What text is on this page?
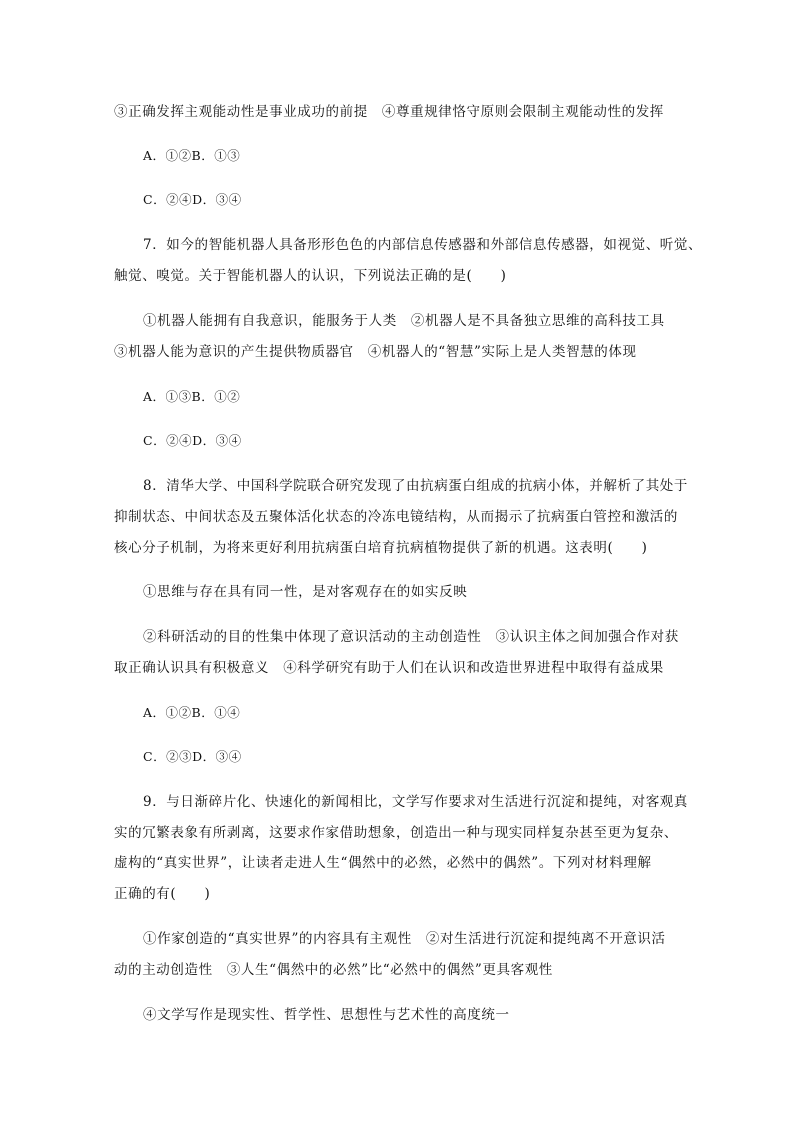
③正确发挥主观能动性是事业成功的前提　④尊重规律恪守原则会限制主观能动性的发挥
A．①②B．①③
C．②④D．③④
7．如今的智能机器人具备形形色色的内部信息传感器和外部信息传感器，如视觉、听觉、
触觉、嗅觉。关于智能机器人的认识，下列说法正确的是(　　)
①机器人能拥有自我意识，能服务于人类　②机器人是不具备独立思维的高科技工具
③机器人能为意识的产生提供物质器官　④机器人的“智慧”实际上是人类智慧的体现
A．①③B．①②
C．②④D．③④
8．清华大学、中国科学院联合研究发现了由抗病蛋白组成的抗病小体，并解析了其处于
抑制状态、中间状态及五聚体活化状态的冷冻电镜结构，从而揭示了抗病蛋白管控和激活的
核心分子机制，为将来更好利用抗病蛋白培育抗病植物提供了新的机遇。这表明(　　)
①思维与存在具有同一性，是对客观存在的如实反映
②科研活动的目的性集中体现了意识活动的主动创造性　③认识主体之间加强合作对获
取正确认识具有积极意义　④科学研究有助于人们在认识和改造世界进程中取得有益成果
A．①②B．①④
C．②③D．③④
9．与日渐碎片化、快速化的新闻相比，文学写作要求对生活进行沉淀和提纯，对客观真
实的冗繁表象有所剥离，这要求作家借助想象，创造出一种与现实同样复杂甚至更为复杂、
虚构的“真实世界”，让读者走进人生“偶然中的必然，必然中的偶然”。下列对材料理解
正确的有(　　)
①作家创造的“真实世界”的内容具有主观性　②对生活进行沉淀和提纯离不开意识活
动的主动创造性　③人生“偶然中的必然”比“必然中的偶然”更具客观性
④文学写作是现实性、哲学性、思想性与艺术性的高度统一
